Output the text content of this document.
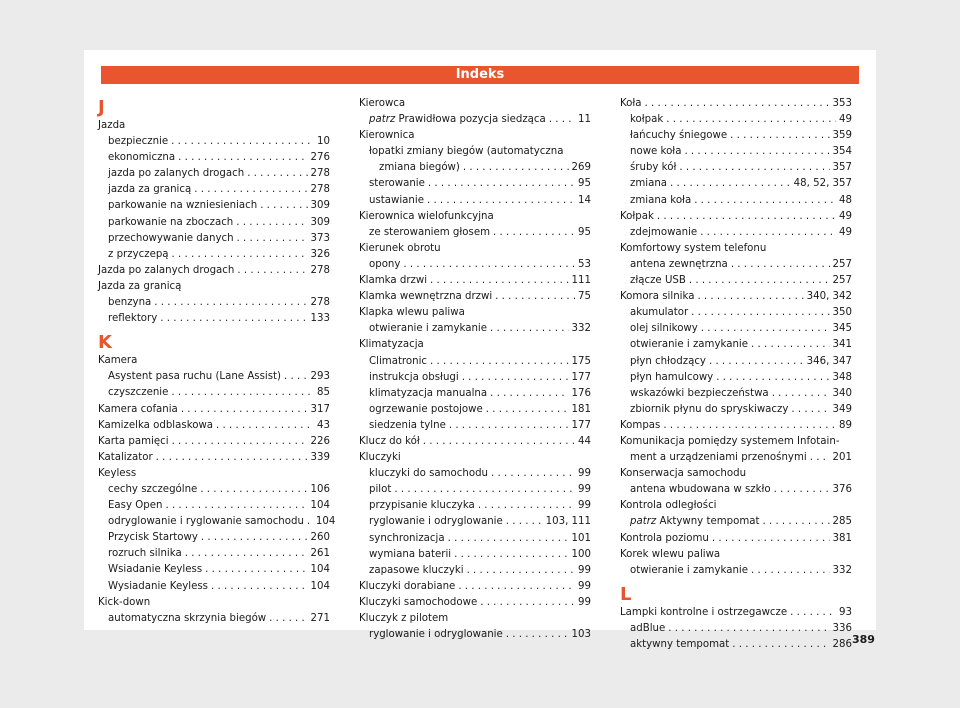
Indeks
J
Jazda
bezpiecznie . . .	10
ekonomiczna . . .	276
jazda po zalanych drogach . . .	278
jazda za granicą . . .	278
parkowanie na wzniesieniach . . .	309
parkowanie na zboczach . . .	309
przechowywanie danych . . .	373
z przyczepą . . .	326
Jazda po zalanych drogach . . .	278
Jazda za granicą
benzyna . . .	278
reflektory . . .	133
K
Kamera
Asystent pasa ruchu (Lane Assist) . . .	293
czyszczenie . . .	85
Kamera cofania . . .	317
Kamizelka odblaskowa . . .	43
Karta pamięci . . .	226
Katalizator . . .	339
Keyless
cechy szczególne . . .	106
Easy Open . . .	104
odryglowanie i ryglowanie samochodu . . . 104
Przycisk Startowy . . .	260
rozruch silnika . . .	261
Wsiadanie Keyless . . .	104
Wysiadanie Keyless . . .	104
Kick-down
automatyczna skrzynia biegów . . .	271
Kierowca
patrz Prawidłowa pozycja siedząca . . .	11
Kierownica
łopatki zmiany biegów (automatyczna
zmiana biegów) . . .	269
sterowanie . . .	95
ustawianie . . .	14
Kierownica wielofunkcyjna
ze sterowaniem głosem . . .	95
Kierunek obrotu
opony . . .	53
Klamka drzwi . . .	111
Klamka wewnętrzna drzwi . . .	75
Klapka wlewu paliwa
otwieranie i zamykanie . . .	332
Klimatyzacja
Climatronic . . .	175
instrukcja obsługi . . .	177
klimatyzacja manualna . . .	176
ogrzewanie postojowe . . .	181
siedzenia tylne . . .	177
Klucz do kół . . .	44
Kluczyki
kluczyki do samochodu . . .	99
pilot . . .	99
przypisanie kluczyka . . .	99
ryglowanie i odryglowanie . . .	103, 111
synchronizacja . . .	101
wymiana baterii . . .	100
zapasowe kluczyki . . .	99
Kluczyki dorabiane . . .	99
Kluczyki samochodowe . . .	99
Kluczyk z pilotem
ryglowanie i odryglowanie . . .	103
Koła . . .	353
kołpak . . .	49
łańcuchy śniegowe . . .	359
nowe koła . . .	354
śruby kół . . .	357
zmiana . . .	48, 52, 357
zmiana koła . . .	48
Kołpak . . .	49
zdejmowanie . . .	49
Komfortowy system telefonu
antena zewnętrzna . . .	257
złącze USB . . .	257
Komora silnika . . .	340, 342
akumulator . . .	350
olej silnikowy . . .	345
otwieranie i zamykanie . . .	341
płyn chłodzący . . .	346, 347
płyn hamulcowy . . .	348
wskazówki bezpieczeństwa . . .	340
zbiornik płynu do spryskiwaczy . . .	349
Kompas . . .	89
Komunikacja pomiędzy systemem Infotain-
ment a urządzeniami przenośnymi . . .	201
Konserwacja samochodu
antena wbudowana w szkło . . .	376
Kontrola odległości
patrz Aktywny tempomat . . .	285
Kontrola poziomu . . .	381
Korek wlewu paliwa
otwieranie i zamykanie . . .	332
L
Lampki kontrolne i ostrzegawcze . . .	93
adBlue . . .	336
aktywny tempomat . . .	286 389
